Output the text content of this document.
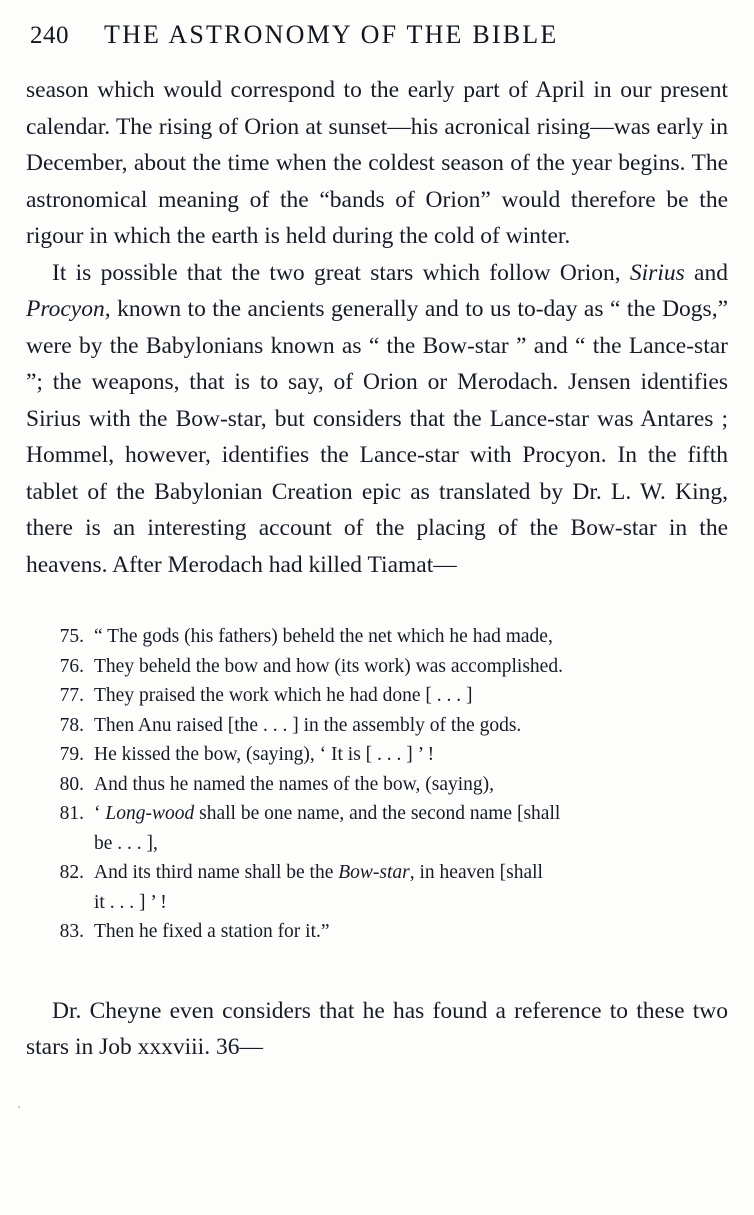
240	THE ASTRONOMY OF THE BIBLE

season which would correspond to the early part of April in our present calendar. The rising of Orion at sunset—his acronical rising—was early in December, about the time when the coldest season of the year begins. The astronomical meaning of the “bands of Orion” would therefore be the rigour in which the earth is held during the cold of winter.

It is possible that the two great stars which follow Orion, Sirius and Procyon, known to the ancients generally and to us to-day as “ the Dogs,” were by the Babylonians known as “ the Bow-star ” and “ the Lance-star ”; the weapons, that is to say, of Orion or Merodach. Jensen identifies Sirius with the Bow-star, but considers that the Lance-star was Antares ; Hommel, however, identifies the Lance-star with Procyon. In the fifth tablet of the Babylonian Creation epic as translated by Dr. L. W. King, there is an interesting account of the placing of the Bow-star in the heavens. After Merodach had killed Tiamat—

75. “ The gods (his fathers) beheld the net which he had made,
76. They beheld the bow and how (its work) was accomplished.
77. They praised the work which he had done [ . . . ]
78. Then Anu raised [the . . . ] in the assembly of the gods.
79. He kissed the bow, (saying), ‘ It is [ . . . ] ’ !
80. And thus he named the names of the bow, (saying),
81. ‘ Long-wood shall be one name, and the second name [shall
be . . . ],
82. And its third name shall be the Bow-star, in heaven [shall
it . . . ] ’ !
83. Then he fixed a station for it.”

Dr. Cheyne even considers that he has found a reference to these two stars in Job xxxviii. 36—
